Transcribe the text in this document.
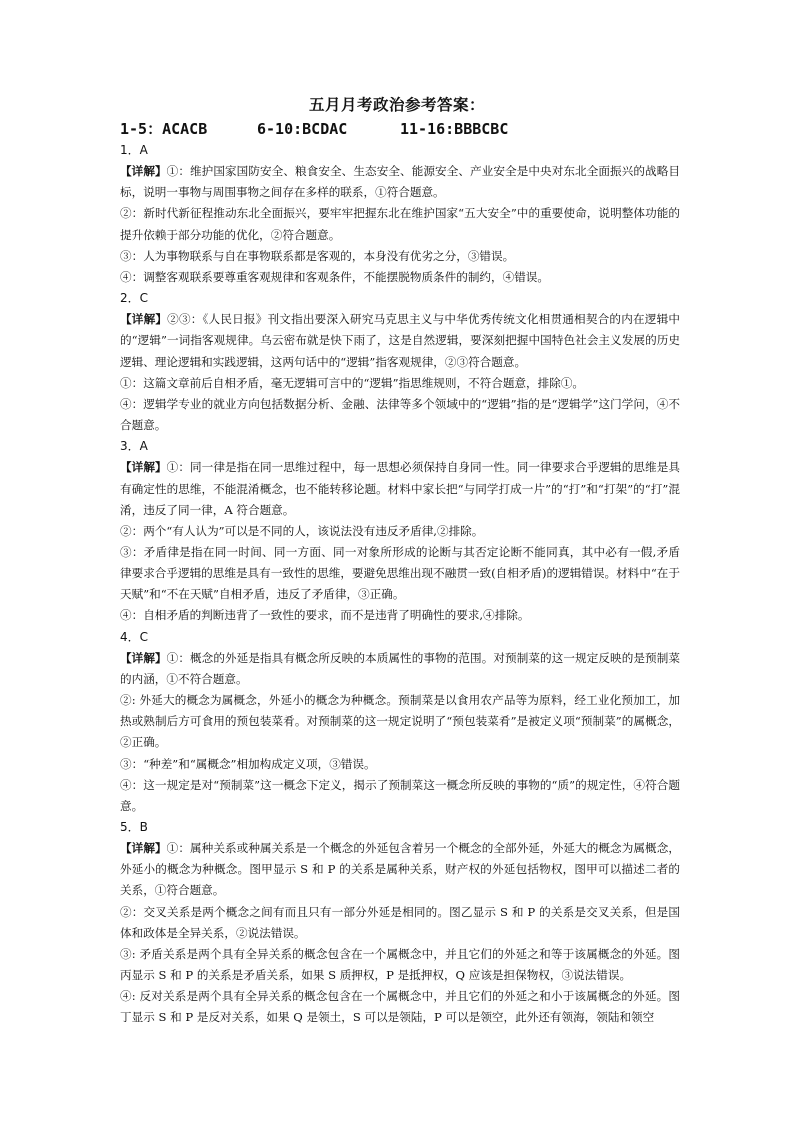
五月月考政治参考答案：
1-5：ACACB	6-10:BCDAC	11-16:BBBCBC

1．A

【详解】①：维护国家国防安全、粮食安全、生态安全、能源安全、产业安全是中央对东北全面振兴的战略目标，说明一事物与周围事物之间存在多样的联系，①符合题意。

②：新时代新征程推动东北全面振兴，要牢牢把握东北在维护国家“五大安全”中的重要使命，说明整体功能的提升依赖于部分功能的优化，②符合题意。

③：人为事物联系与自在事物联系都是客观的，本身没有优劣之分，③错误。

④：调整客观联系要尊重客观规律和客观条件，不能摆脱物质条件的制约，④错误。

2．C

【详解】②③：《人民日报》刊文指出要深入研究马克思主义与中华优秀传统文化相贯通相契合的内在逻辑中的“逻辑”一词指客观规律。乌云密布就是快下雨了，这是自然逻辑，要深刻把握中国特色社会主义发展的历史逻辑、理论逻辑和实践逻辑，这两句话中的“逻辑”指客观规律，②③符合题意。

①：这篇文章前后自相矛盾，毫无逻辑可言中的“逻辑”指思维规则，不符合题意，排除①。

④：逻辑学专业的就业方向包括数据分析、金融、法律等多个领域中的“逻辑”指的是“逻辑学”这门学问，④不合题意。

3．A

【详解】①：同一律是指在同一思维过程中，每一思想必须保持自身同一性。同一律要求合乎逻辑的思维是具有确定性的思维，不能混淆概念，也不能转移论题。材料中家长把“与同学打成一片”的“打”和“打架”的“打”混淆，违反了同一律，A 符合题意。

②：两个“有人认为”可以是不同的人，该说法没有违反矛盾律,②排除。

③：矛盾律是指在同一时间、同一方面、同一对象所形成的论断与其否定论断不能同真，其中必有一假,矛盾律要求合乎逻辑的思维是具有一致性的思维，要避免思维出现不融贯一致(自相矛盾)的逻辑错误。材料中“在于天赋”和“不在天赋”自相矛盾，违反了矛盾律，③正确。

④：自相矛盾的判断违背了一致性的要求，而不是违背了明确性的要求,④排除。

4．C

【详解】①：概念的外延是指具有概念所反映的本质属性的事物的范围。对预制菜的这一规定反映的是预制菜的内涵，①不符合题意。

②: 外延大的概念为属概念，外延小的概念为种概念。预制菜是以食用农产品等为原料，经工业化预加工，加热或熟制后方可食用的预包装菜肴。对预制菜的这一规定说明了“预包装菜肴”是被定义项“预制菜”的属概念，②正确。

③：“种差”和“属概念”相加构成定义项，③错误。

④：这一规定是对“预制菜”这一概念下定义，揭示了预制菜这一概念所反映的事物的“质”的规定性，④符合题意。

5．B

【详解】①：属种关系或种属关系是一个概念的外延包含着另一个概念的全部外延，外延大的概念为属概念，外延小的概念为种概念。图甲显示 S 和 P 的关系是属种关系，财产权的外延包括物权，图甲可以描述二者的关系，①符合题意。

②：交叉关系是两个概念之间有而且只有一部分外延是相同的。图乙显示 S 和 P 的关系是交叉关系，但是国体和政体是全异关系，②说法错误。

③: 矛盾关系是两个具有全异关系的概念包含在一个属概念中，并且它们的外延之和等于该属概念的外延。图丙显示 S 和 P 的关系是矛盾关系，如果 S 质押权，P 是抵押权，Q 应该是担保物权，③说法错误。

④: 反对关系是两个具有全异关系的概念包含在一个属概念中，并且它们的外延之和小于该属概念的外延。图丁显示 S 和 P 是反对关系，如果 Q 是领土，S 可以是领陆，P 可以是领空，此外还有领海，领陆和领空
